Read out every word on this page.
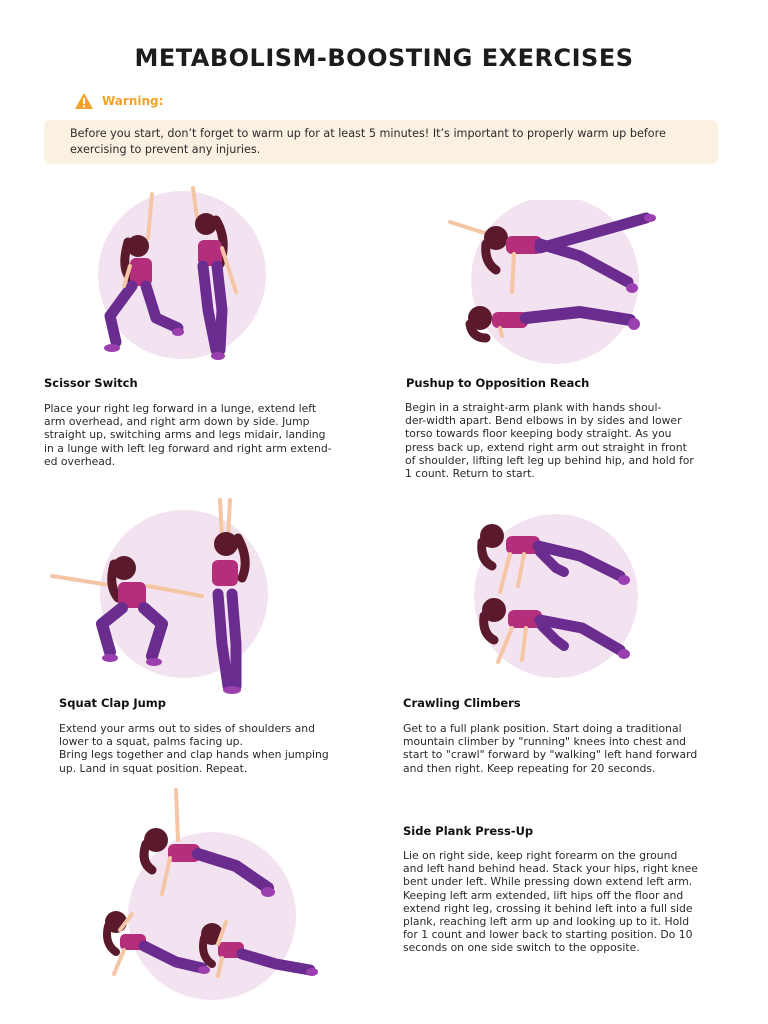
METABOLISM-BOOSTING EXERCISES
Warning:
Before you start, don’t forget to warm up for at least 5 minutes! It’s important to properly warm up before exercising to prevent any injuries.
Scissor Switch
Place your right leg forward in a lunge, extend left
arm overhead, and right arm down by side. Jump
straight up, switching arms and legs midair, landing
in a lunge with left leg forward and right arm extend-
ed overhead.
Pushup to Opposition Reach
Begin in a straight-arm plank with hands shoul-
der-width apart. Bend elbows in by sides and lower
torso towards floor keeping body straight. As you
press back up, extend right arm out straight in front
of shoulder, lifting left leg up behind hip, and hold for
1 count. Return to start.
Squat Clap Jump
Extend your arms out to sides of shoulders and
lower to a squat, palms facing up.
Bring legs together and clap hands when jumping
up. Land in squat position. Repeat.
Crawling Climbers
Get to a full plank position. Start doing a traditional
mountain climber by "running" knees into chest and
start to "crawl" forward by "walking" left hand forward
and then right. Keep repeating for 20 seconds.
Side Plank Press-Up
Lie on right side, keep right forearm on the ground
and left hand behind head. Stack your hips, right knee
bent under left. While pressing down extend left arm.
Keeping left arm extended, lift hips off the floor and
extend right leg, crossing it behind left into a full side
plank, reaching left arm up and looking up to it. Hold
for 1 count and lower back to starting position. Do 10
seconds on one side switch to the opposite.
